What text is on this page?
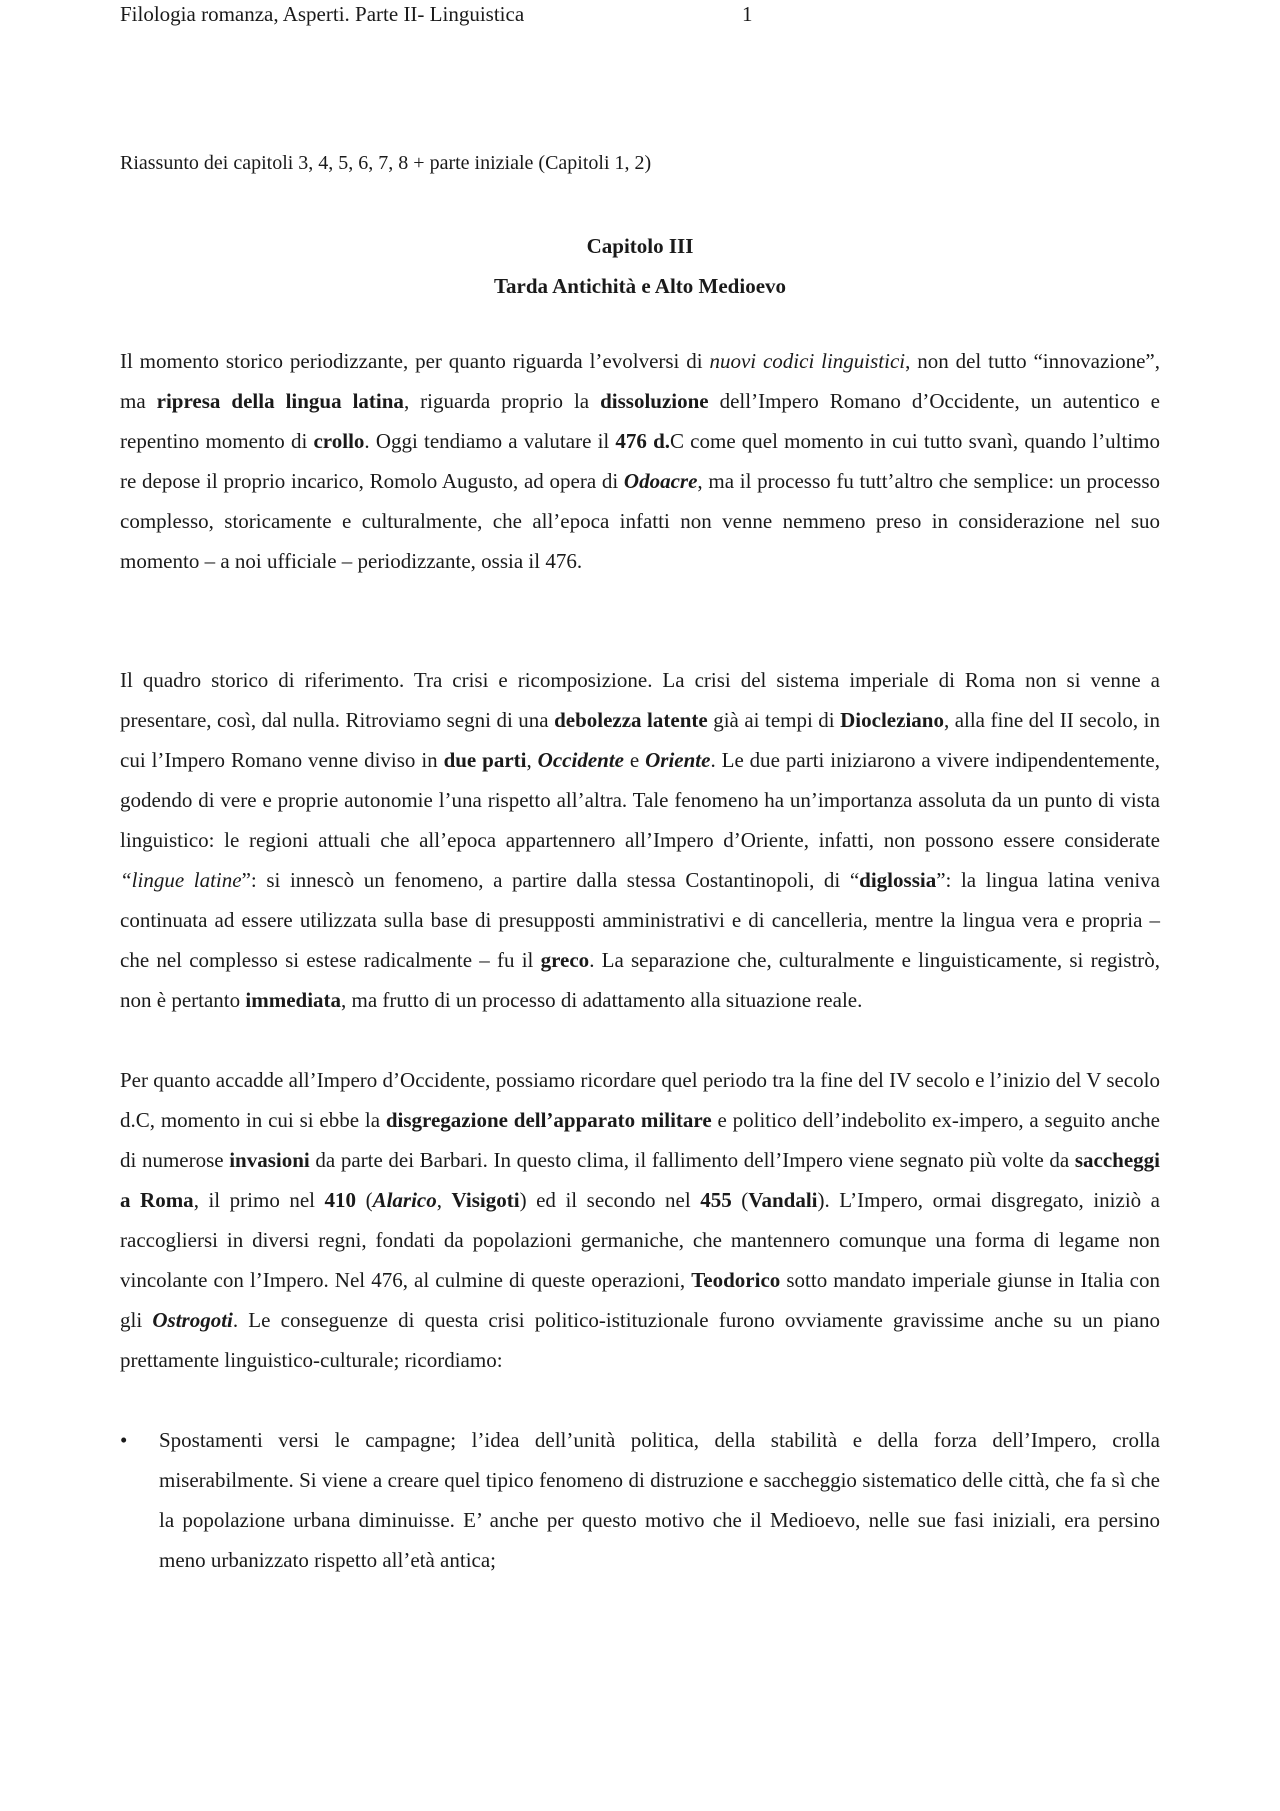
Filologia romanza, Asperti. Parte II- Linguistica	1
Riassunto dei capitoli 3, 4, 5, 6, 7, 8 + parte iniziale (Capitoli 1, 2)
Capitolo III
Tarda Antichità e Alto Medioevo

Il momento storico periodizzante, per quanto riguarda l’evolversi di nuovi codici linguistici, non del tutto “innovazione”, ma ripresa della lingua latina, riguarda proprio la dissoluzione dell’Impero Romano d’Occidente, un autentico e repentino momento di crollo. Oggi tendiamo a valutare il 476 d.C come quel momento in cui tutto svanì, quando l’ultimo re depose il proprio incarico, Romolo Augusto, ad opera di Odoacre, ma il processo fu tutt’altro che semplice: un processo complesso, storicamente e culturalmente, che all’epoca infatti non venne nemmeno preso in considerazione nel suo momento – a noi ufficiale – periodizzante, ossia il 476.

Il quadro storico di riferimento. Tra crisi e ricomposizione. La crisi del sistema imperiale di Roma non si venne a presentare, così, dal nulla. Ritroviamo segni di una debolezza latente già ai tempi di Diocleziano, alla fine del II secolo, in cui l’Impero Romano venne diviso in due parti, Occidente e Oriente. Le due parti iniziarono a vivere indipendentemente, godendo di vere e proprie autonomie l’una rispetto all’altra. Tale fenomeno ha un’importanza assoluta da un punto di vista linguistico: le regioni attuali che all’epoca appartennero all’Impero d’Oriente, infatti, non possono essere considerate “lingue latine”: si innescò un fenomeno, a partire dalla stessa Costantinopoli, di “diglossia”: la lingua latina veniva continuata ad essere utilizzata sulla base di presupposti amministrativi e di cancelleria, mentre la lingua vera e propria – che nel complesso si estese radicalmente – fu il greco. La separazione che, culturalmente e linguisticamente, si registrò, non è pertanto immediata, ma frutto di un processo di adattamento alla situazione reale.

Per quanto accadde all’Impero d’Occidente, possiamo ricordare quel periodo tra la fine del IV secolo e l’inizio del V secolo d.C, momento in cui si ebbe la disgregazione dell’apparato militare e politico dell’indebolito ex-impero, a seguito anche di numerose invasioni da parte dei Barbari. In questo clima, il fallimento dell’Impero viene segnato più volte da saccheggi a Roma, il primo nel 410 (Alarico, Visigoti) ed il secondo nel 455 (Vandali). L’Impero, ormai disgregato, iniziò a raccogliersi in diversi regni, fondati da popolazioni germaniche, che mantennero comunque una forma di legame non vincolante con l’Impero. Nel 476, al culmine di queste operazioni, Teodorico sotto mandato imperiale giunse in Italia con gli Ostrogoti. Le conseguenze di questa crisi politico-istituzionale furono ovviamente gravissime anche su un piano prettamente linguistico-culturale; ricordiamo:

• Spostamenti versi le campagne; l’idea dell’unità politica, della stabilità e della forza dell’Impero, crolla miserabilmente. Si viene a creare quel tipico fenomeno di distruzione e saccheggio sistematico delle città, che fa sì che la popolazione urbana diminuisse. E’ anche per questo motivo che il Medioevo, nelle sue fasi iniziali, era persino meno urbanizzato rispetto all’età antica;
